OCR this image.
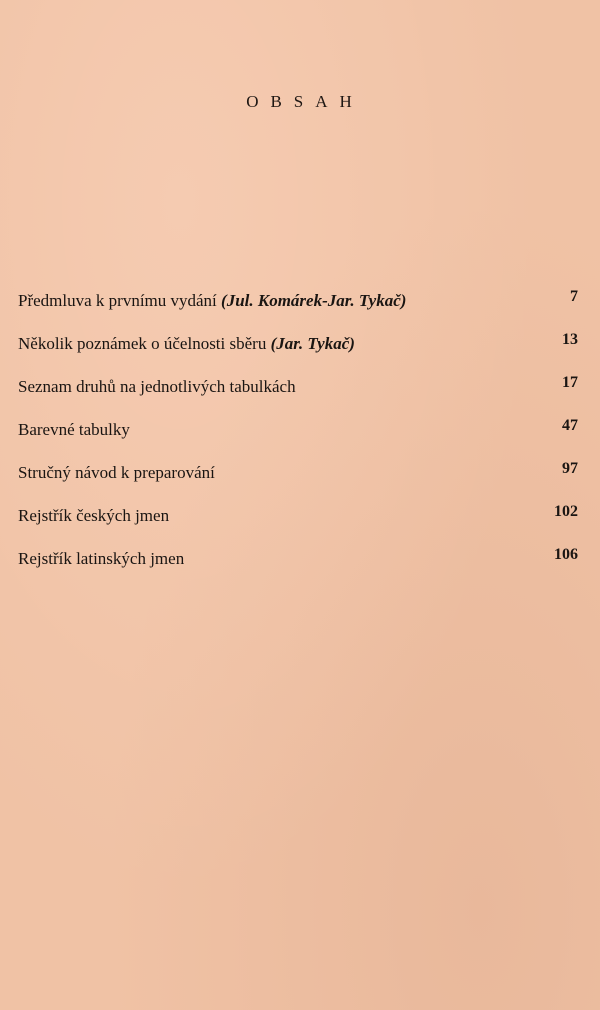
OBSAH
Předmluva k prvnímu vydání (Jul. Komárek-Jar. Tykač)	7
Několik poznámek o účelnosti sběru (Jar. Tykač)	13
Seznam druhů na jednotlivých tabulkách	17
Barevné tabulky	47
Stručný návod k preparování	97
Rejstřík českých jmen	102
Rejstřík latinských jmen	106
